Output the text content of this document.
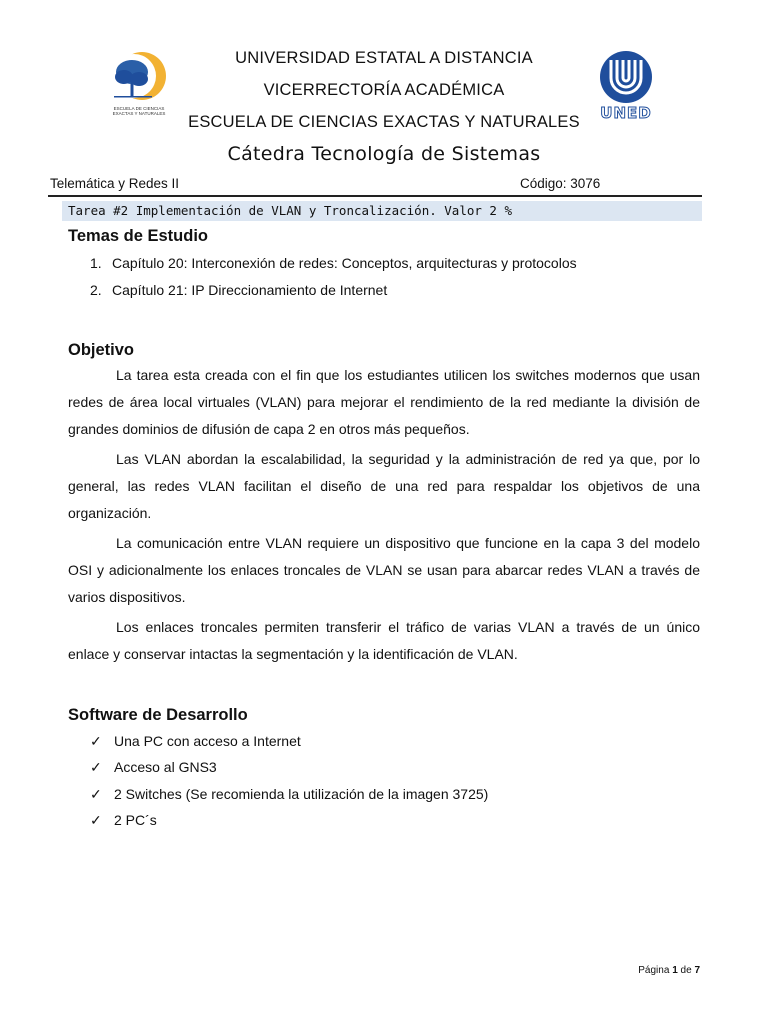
ESCUELA DE CIENCIAS EXACTAS Y NATURALES	UNED
UNIVERSIDAD ESTATAL A DISTANCIA
VICERRECTORÍA ACADÉMICA
ESCUELA DE CIENCIAS EXACTAS Y NATURALES
Cátedra Tecnología de Sistemas
Telemática y Redes II	Código: 3076
Tarea #2 Implementación de VLAN y Troncalización. Valor 2 %
Temas de Estudio
1. Capítulo 20: Interconexión de redes: Conceptos, arquitecturas y protocolos
2. Capítulo 21: IP Direccionamiento de Internet
Objetivo

La tarea esta creada con el fin que los estudiantes utilicen los switches modernos que usan redes de área local virtuales (VLAN) para mejorar el rendimiento de la red mediante la división de grandes dominios de difusión de capa 2 en otros más pequeños.

Las VLAN abordan la escalabilidad, la seguridad y la administración de red ya que, por lo general, las redes VLAN facilitan el diseño de una red para respaldar los objetivos de una organización.

La comunicación entre VLAN requiere un dispositivo que funcione en la capa 3 del modelo OSI y adicionalmente los enlaces troncales de VLAN se usan para abarcar redes VLAN a través de varios dispositivos.

Los enlaces troncales permiten transferir el tráfico de varias VLAN a través de un único enlace y conservar intactas la segmentación y la identificación de VLAN.

Software de Desarrollo
✓ Una PC con acceso a Internet
✓ Acceso al GNS3
✓ 2 Switches (Se recomienda la utilización de la imagen 3725)
✓ 2 PC´s
Página 1 de 7
